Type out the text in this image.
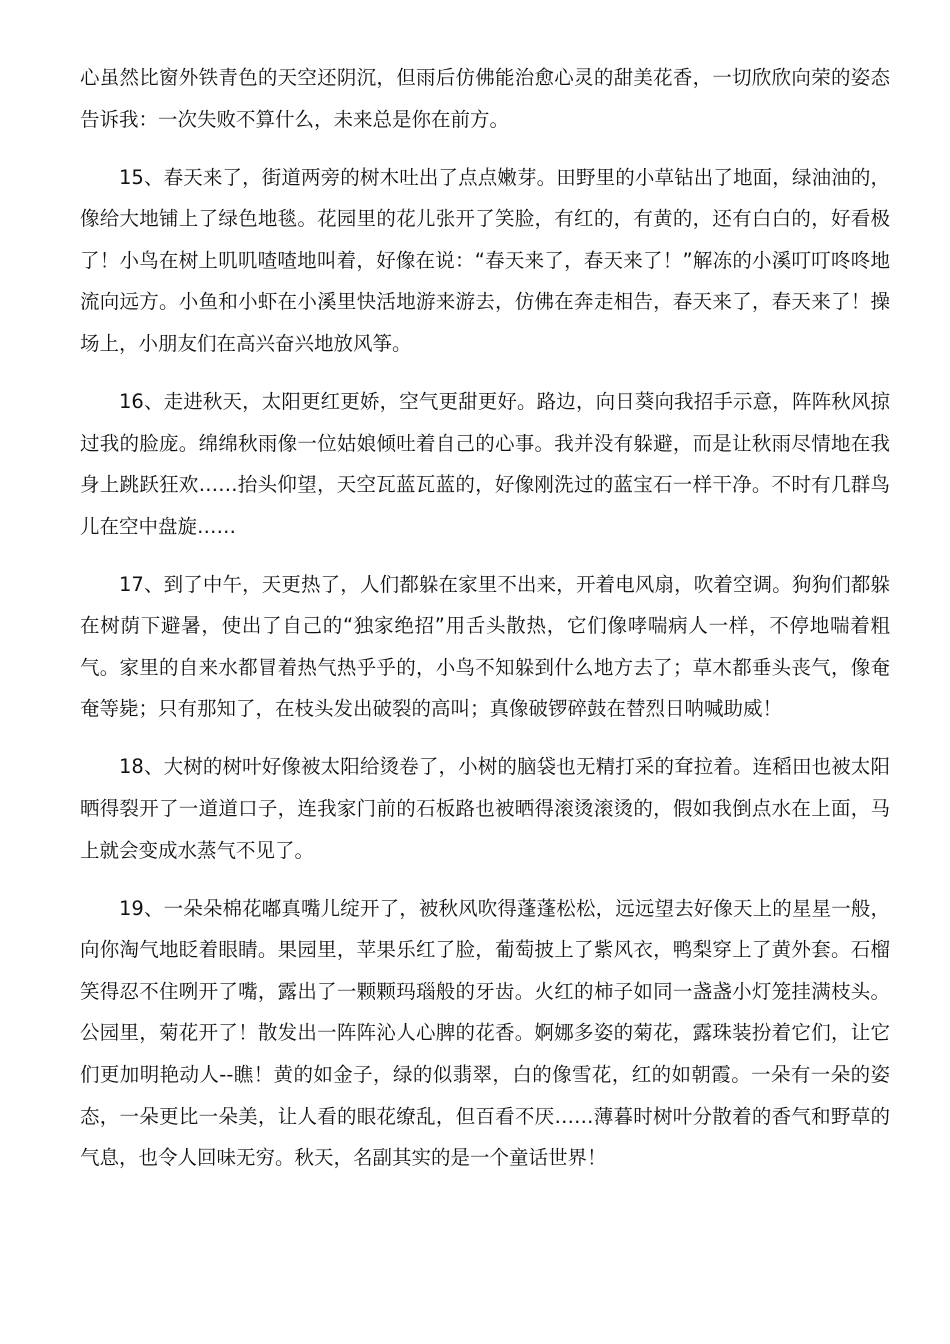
心虽然比窗外铁青色的天空还阴沉，但雨后仿佛能治愈心灵的甜美花香，一切欣欣向荣的姿态告诉我：一次失败不算什么，未来总是你在前方。

15、春天来了，街道两旁的树木吐出了点点嫩芽。田野里的小草钻出了地面，绿油油的，像给大地铺上了绿色地毯。花园里的花儿张开了笑脸，有红的，有黄的，还有白白的，好看极了！小鸟在树上叽叽喳喳地叫着，好像在说：“春天来了，春天来了！”解冻的小溪叮叮咚咚地流向远方。小鱼和小虾在小溪里快活地游来游去，仿佛在奔走相告，春天来了，春天来了！操场上，小朋友们在高兴奋兴地放风筝。

16、走进秋天，太阳更红更娇，空气更甜更好。路边，向日葵向我招手示意，阵阵秋风掠过我的脸庞。绵绵秋雨像一位姑娘倾吐着自己的心事。我并没有躲避，而是让秋雨尽情地在我身上跳跃狂欢……抬头仰望，天空瓦蓝瓦蓝的，好像刚洗过的蓝宝石一样干净。不时有几群鸟儿在空中盘旋……

17、到了中午，天更热了，人们都躲在家里不出来，开着电风扇，吹着空调。狗狗们都躲在树荫下避暑，使出了自己的“独家绝招”用舌头散热，它们像哮喘病人一样，不停地喘着粗气。家里的自来水都冒着热气热乎乎的，小鸟不知躲到什么地方去了；草木都垂头丧气，像奄奄等毙；只有那知了，在枝头发出破裂的高叫；真像破锣碎鼓在替烈日呐喊助威！

18、大树的树叶好像被太阳给烫卷了，小树的脑袋也无精打采的耷拉着。连稻田也被太阳晒得裂开了一道道口子，连我家门前的石板路也被晒得滚烫滚烫的，假如我倒点水在上面，马上就会变成水蒸气不见了。

19、一朵朵棉花嘟真嘴儿绽开了，被秋风吹得蓬蓬松松，远远望去好像天上的星星一般，向你淘气地眨着眼睛。果园里，苹果乐红了脸，葡萄披上了紫风衣，鸭梨穿上了黄外套。石榴笑得忍不住咧开了嘴，露出了一颗颗玛瑙般的牙齿。火红的柿子如同一盏盏小灯笼挂满枝头。公园里，菊花开了！散发出一阵阵沁人心脾的花香。婀娜多姿的菊花，露珠装扮着它们，让它们更加明艳动人--瞧！黄的如金子，绿的似翡翠，白的像雪花，红的如朝霞。一朵有一朵的姿态，一朵更比一朵美，让人看的眼花缭乱，但百看不厌……薄暮时树叶分散着的香气和野草的气息，也令人回味无穷。秋天，名副其实的是一个童话世界！
